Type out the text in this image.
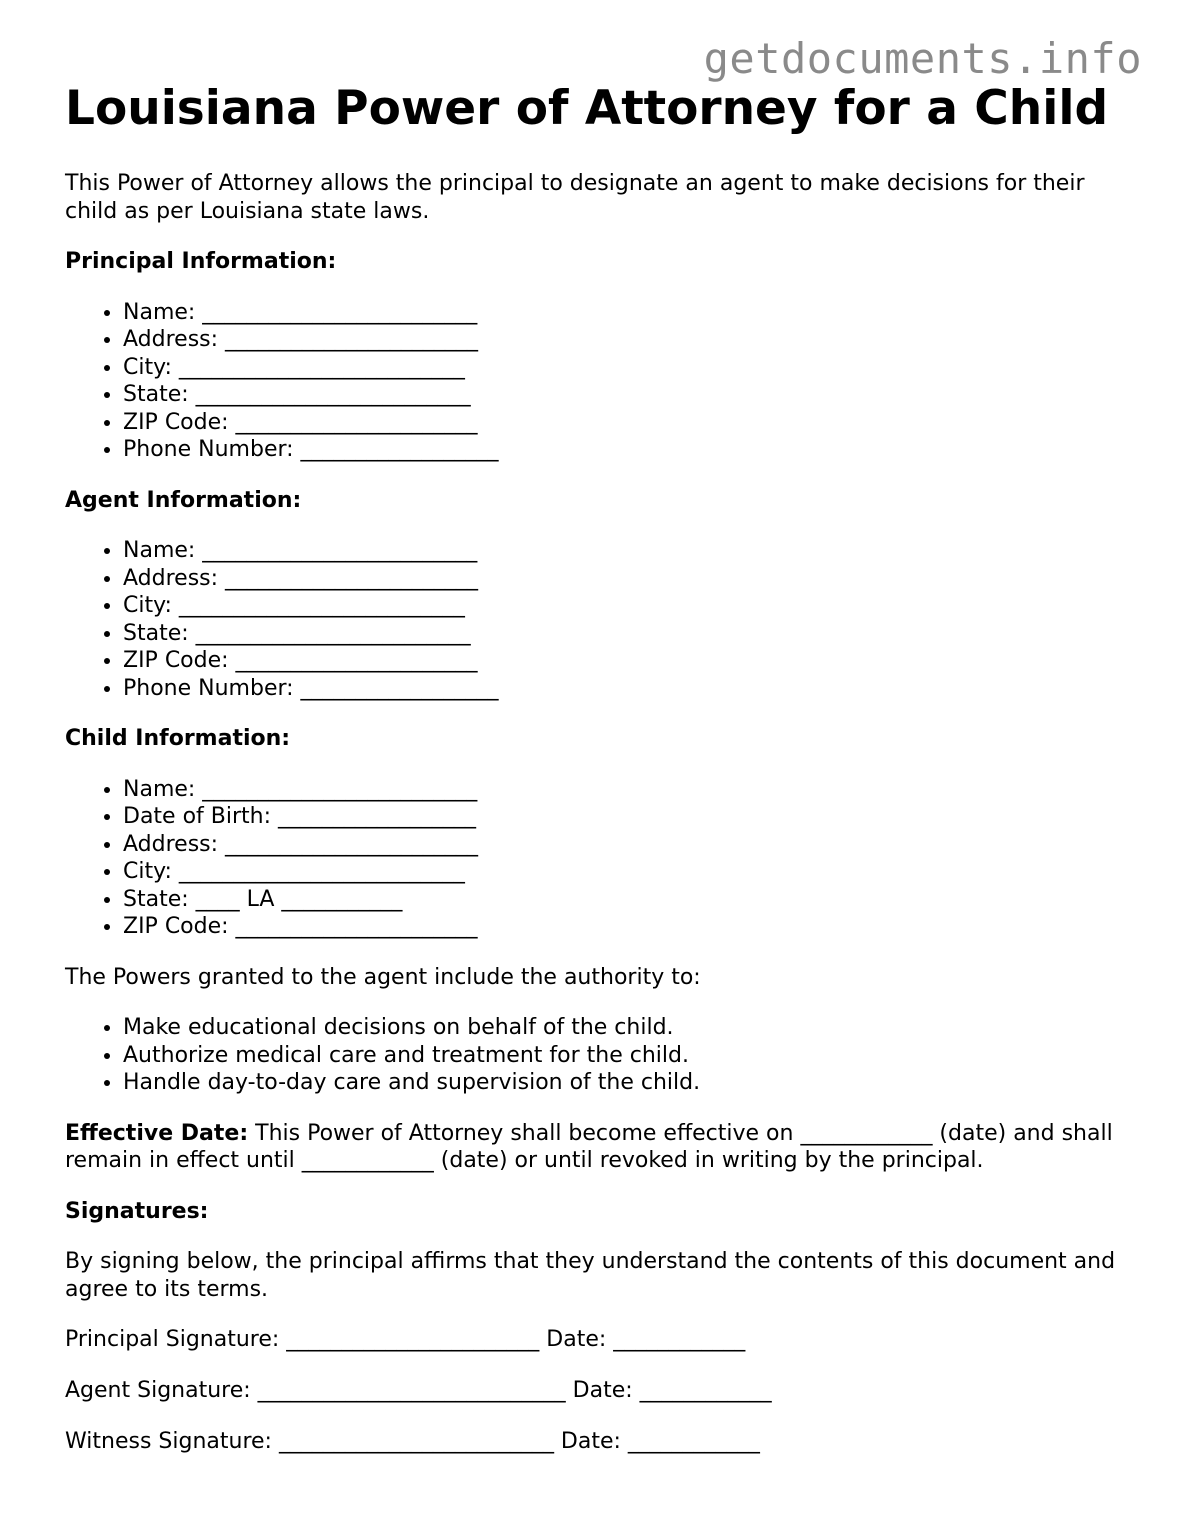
getdocuments.info
Louisiana Power of Attorney for a Child

This Power of Attorney allows the principal to designate an agent to make decisions for their child as per Louisiana state laws.

Principal Information:
• Name: _________________________
• Address: _______________________
• City: __________________________
• State: _________________________
• ZIP Code: ______________________
• Phone Number: __________________
Agent Information:
• Name: _________________________
• Address: _______________________
• City: __________________________
• State: _________________________
• ZIP Code: ______________________
• Phone Number: __________________
Child Information:
• Name: _________________________
• Date of Birth: __________________
• Address: _______________________
• City: __________________________
• State: ____ LA ___________
• ZIP Code: ______________________

The Powers granted to the agent include the authority to:

• Make educational decisions on behalf of the child.
• Authorize medical care and treatment for the child.
• Handle day-to-day care and supervision of the child.

Effective Date: This Power of Attorney shall become effective on ____________ (date) and shall remain in effect until ____________ (date) or until revoked in writing by the principal.

Signatures:

By signing below, the principal affirms that they understand the contents of this document and agree to its terms.

Principal Signature: _______________________ Date: ____________
Agent Signature: ____________________________ Date: ____________
Witness Signature: _________________________ Date: ____________
